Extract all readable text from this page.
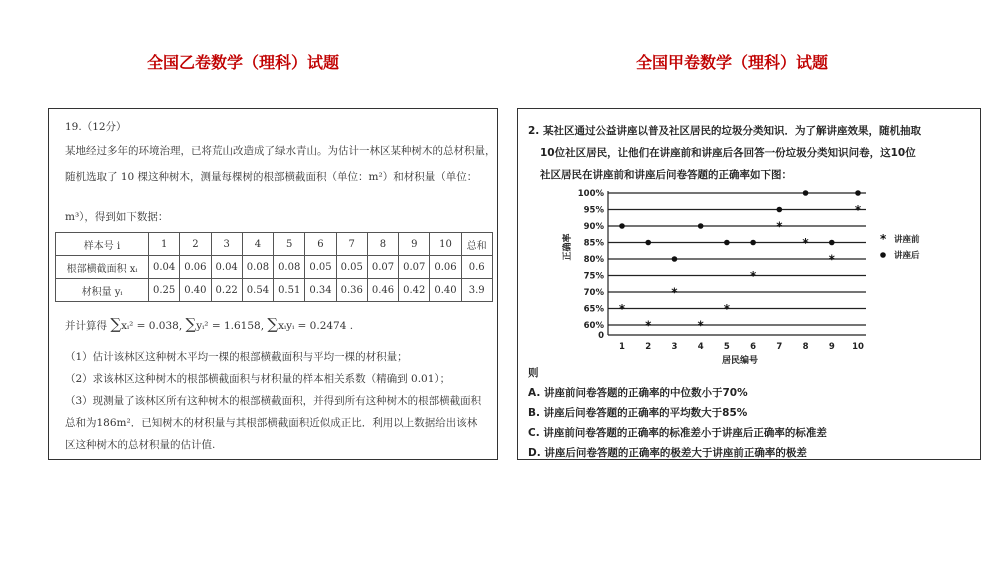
全国乙卷数学（理科）试题	全国甲卷数学（理科）试题
19.（12分）
某地经过多年的环境治理，已将荒山改造成了绿水青山。为估计一林区某种树木的总材积量，
随机选取了 10 棵这种树木，测量每棵树的根部横截面积（单位：m²）和材积量（单位：
m³），得到如下数据：
样本号 i	1	2	3	4	5	6	7	8	9	10	总和
根部横截面积 xᵢ	0.04	0.06	0.04	0.08	0.08	0.05	0.05	0.07	0.07	0.06	0.6
材积量 yᵢ	0.25	0.40	0.22	0.54	0.51	0.34	0.36	0.46	0.42	0.40	3.9
并计算得 ∑xᵢ² = 0.038, ∑yᵢ² = 1.6158, ∑xᵢyᵢ = 0.2474 .
（1）估计该林区这种树木平均一棵的根部横截面积与平均一棵的材积量；
（2）求该林区这种树木的根部横截面积与材积量的样本相关系数（精确到 0.01）；
（3）现测量了该林区所有这种树木的根部横截面积，并得到所有这种树木的根部横截面积
总和为186m²．已知树木的材积量与其根部横截面积近似成正比．利用以上数据给出该林
区这种树木的总材积量的估计值.
2. 某社区通过公益讲座以普及社区居民的垃圾分类知识．为了解讲座效果，随机抽取
10位社区居民，让他们在讲座前和讲座后各回答一份垃圾分类知识问卷，这10位
社区居民在讲座前和讲座后问卷答题的正确率如下图：
0
60%
65%
70%
75%
80%
85%
90%
95%
100%
1 2 3 4 5 6 7 8 9 10
*
*
*
*
*
*
*
*
*
*
正确率
居民编号
* 讲座前
讲座后
则
A. 讲座前问卷答题的正确率的中位数小于70%
B. 讲座后问卷答题的正确率的平均数大于85%
C. 讲座前问卷答题的正确率的标准差小于讲座后正确率的标准差
D. 讲座后问卷答题的正确率的极差大于讲座前正确率的极差
